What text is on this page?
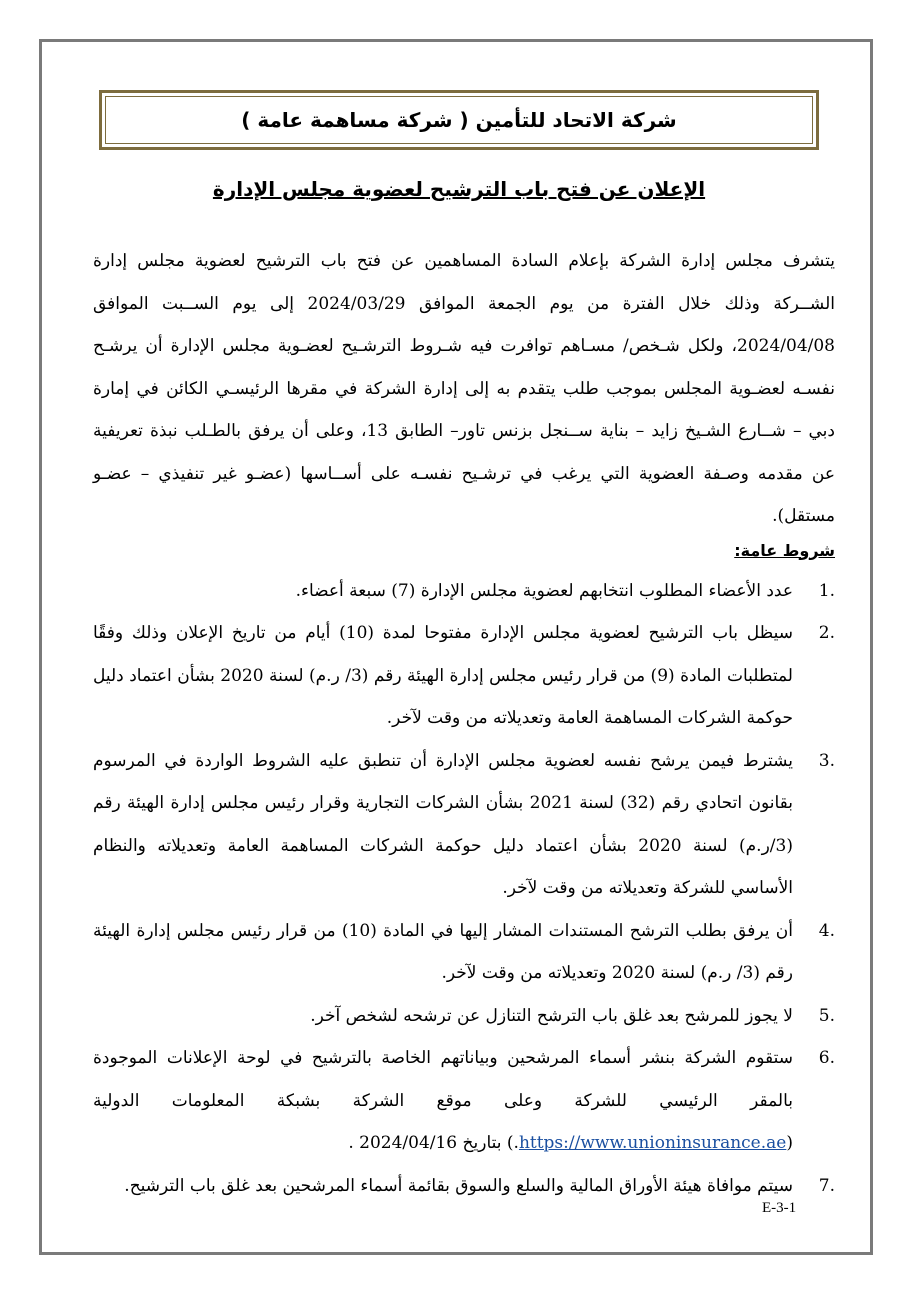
شركة الاتحاد للتأمين ( شركة مساهمة عامة )
الإعلان عن فتح باب الترشيح لعضوية مجلس الإدارة

يتشرف مجلس إدارة الشركة بإعلام السادة المساهمين عن فتح باب الترشيح لعضوية مجلس إدارة الشــركة وذلك خلال الفترة من يوم الجمعة الموافق 2024/03/29 إلى يوم الســبت الموافق 2024/04/08، ولكل شـخص/ مسـاهم توافرت فيه شـروط الترشـيح لعضـوية مجلس الإدارة أن يرشـح نفسـه لعضـوية المجلس بموجب طلب يتقدم به إلى إدارة الشركة في مقرها الرئيسـي الكائن في إمارة دبي – شــارع الشـيخ زايد – بناية ســنجل بزنس تاور– الطابق 13، وعلى أن يرفق بالطـلب نبذة تعريفية عن مقدمه وصـفة العضوية التي يرغب في ترشـيح نفسـه على أســاسها (عضـو غير تنفيذي – عضـو مستقل).

شروط عامة:
1.
عدد الأعضاء المطلوب انتخابهم لعضوية مجلس الإدارة (7) سبعة أعضاء.
2.
سيظل باب الترشيح لعضوية مجلس الإدارة مفتوحا لمدة (10) أيام من تاريخ الإعلان وذلك وفقًا لمتطلبات المادة (9) من قرار رئيس مجلس إدارة الهيئة رقم (3/ ر.م) لسنة 2020 بشأن اعتماد دليل حوكمة الشركات المساهمة العامة وتعديلاته من وقت لآخر.
3.
يشترط فيمن يرشح نفسه لعضوية مجلس الإدارة أن تنطبق عليه الشروط الواردة في المرسوم بقانون اتحادي رقم (32) لسنة 2021 بشأن الشركات التجارية وقرار رئيس مجلس إدارة الهيئة رقم (3/ر.م) لسنة 2020 بشأن اعتماد دليل حوكمة الشركات المساهمة العامة وتعديلاته والنظام الأساسي للشركة وتعديلاته من وقت لآخر.
4.
أن يرفق بطلب الترشح المستندات المشار إليها في المادة (10) من قرار رئيس مجلس إدارة الهيئة رقم (3/ ر.م) لسنة 2020 وتعديلاته من وقت لآخر.
5.
لا يجوز للمرشح بعد غلق باب الترشح التنازل عن ترشحه لشخص آخر.
6.
ستقوم الشركة بنشر أسماء المرشحين وبياناتهم الخاصة بالترشيح في لوحة الإعلانات الموجودة بالمقر الرئيسي للشركة وعلى موقع الشركة بشبكة المعلومات الدولية (https://www.unioninsurance.ae.) بتاريخ 2024/04/16 .
7.
سيتم موافاة هيئة الأوراق المالية والسلع والسوق بقائمة أسماء المرشحين بعد غلق باب الترشيح.
E-3-1
